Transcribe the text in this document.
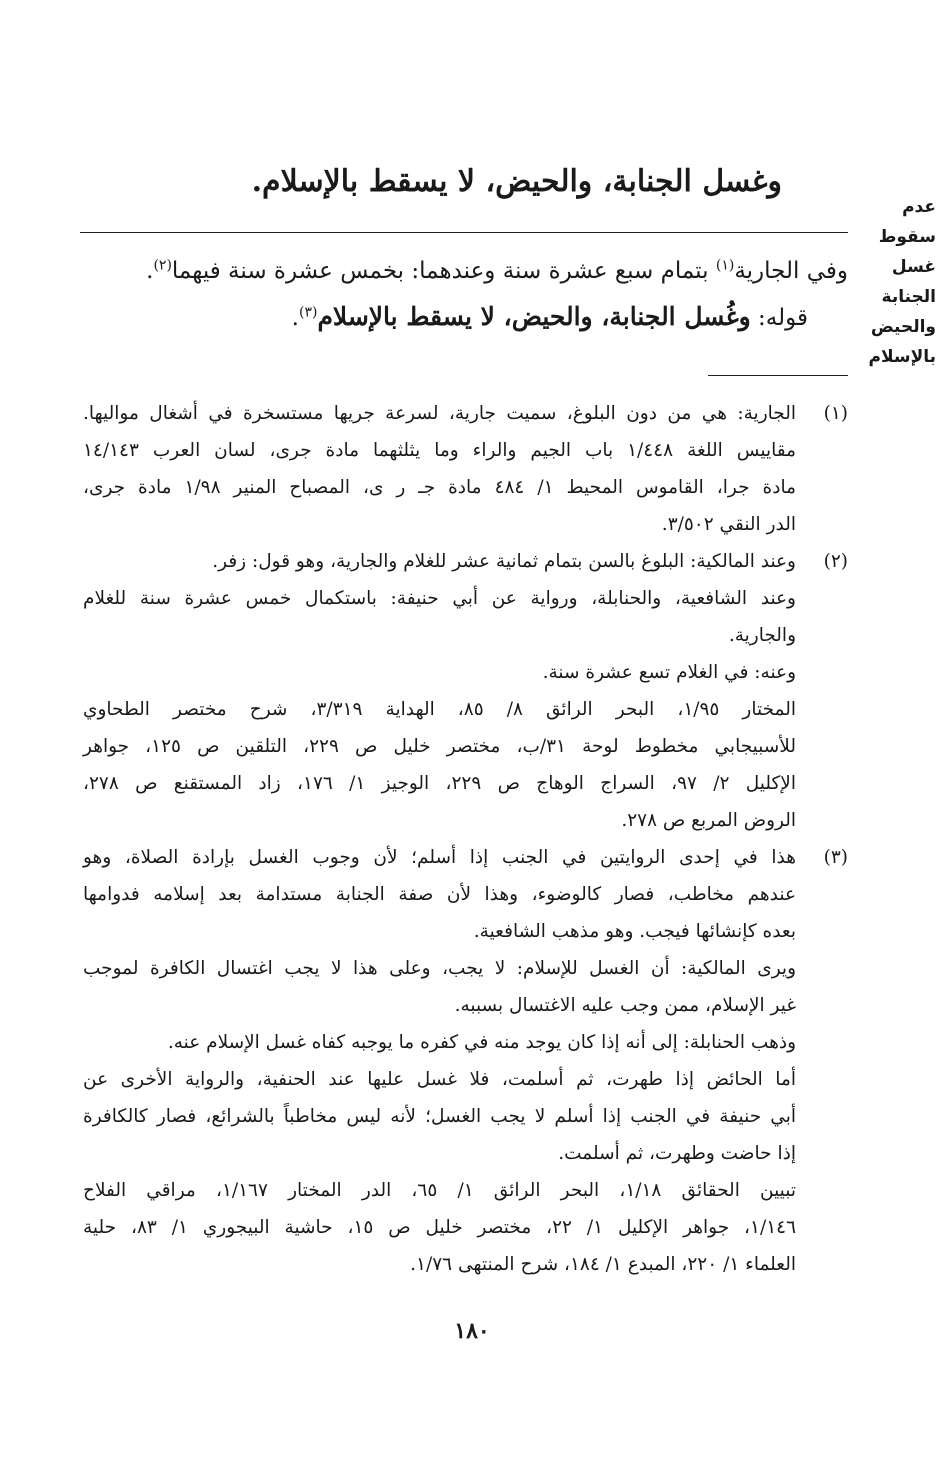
وغسل الجنابة، والحيض، لا يسقط بالإسلام.
عدم
سقوط
غسل
الجنابة
والحيض
بالإسلام
وفي الجارية$^{(١)}$ بتمام سبع عشرة سنة وعندهما: بخمس عشرة سنة فيهما$^{(٢)}$.
قوله: وغُسل الجنابة، والحيض، لا يسقط بالإسلام$^{(٣)}$.
(١)
الجارية: هي من دون البلوغ، سميت جارية، لسرعة جريها مستسخرة في أشغال مواليها.
مقاييس اللغة ١/٤٤٨ باب الجيم والراء وما يثلثهما مادة جرى، لسان العرب ١٤/١٤٣
مادة جرا، القاموس المحيط ١/ ٤٨٤ مادة جـ ر ى، المصباح المنير ١/٩٨ مادة جرى،
الدر النقي ٣/٥٠٢.
(٢)
وعند المالكية: البلوغ بالسن بتمام ثمانية عشر للغلام والجارية، وهو قول: زفر.
وعند الشافعية، والحنابلة، ورواية عن أبي حنيفة: باستكمال خمس عشرة سنة للغلام
والجارية.
وعنه: في الغلام تسع عشرة سنة.
المختار ١/٩٥، البحر الرائق ٨/ ٨٥، الهداية ٣/٣١٩، شرح مختصر الطحاوي
للأسبيجابي مخطوط لوحة ٣١/ب، مختصر خليل ص ٢٢٩، التلقين ص ١٢٥، جواهر
الإكليل ٢/ ٩٧، السراج الوهاج ص ٢٢٩، الوجيز ١/ ١٧٦، زاد المستقنع ص ٢٧٨،
الروض المربع ص ٢٧٨.
(٣)
هذا في إحدى الروايتين في الجنب إذا أسلم؛ لأن وجوب الغسل بإرادة الصلاة، وهو
عندهم مخاطب، فصار كالوضوء، وهذا لأن صفة الجنابة مستدامة بعد إسلامه فدوامها
بعده كإنشائها فيجب. وهو مذهب الشافعية.
ويرى المالكية: أن الغسل للإسلام: لا يجب، وعلى هذا لا يجب اغتسال الكافرة لموجب
غير الإسلام، ممن وجب عليه الاغتسال بسببه.
وذهب الحنابلة: إلى أنه إذا كان يوجد منه في كفره ما يوجبه كفاه غسل الإسلام عنه.
أما الحائض إذا طهرت، ثم أسلمت، فلا غسل عليها عند الحنفية، والرواية الأخرى عن
أبي حنيفة في الجنب إذا أسلم لا يجب الغسل؛ لأنه ليس مخاطباً بالشرائع، فصار كالكافرة
إذا حاضت وطهرت، ثم أسلمت.
تبيين الحقائق ١/١٨، البحر الرائق ١/ ٦٥، الدر المختار ١/١٦٧، مراقي الفلاح
١/١٤٦، جواهر الإكليل ١/ ٢٢، مختصر خليل ص ١٥، حاشية البيجوري ١/ ٨٣، حلية
العلماء ١/ ٢٢٠، المبدع ١/ ١٨٤، شرح المنتهى ١/٧٦.
١٨٠
